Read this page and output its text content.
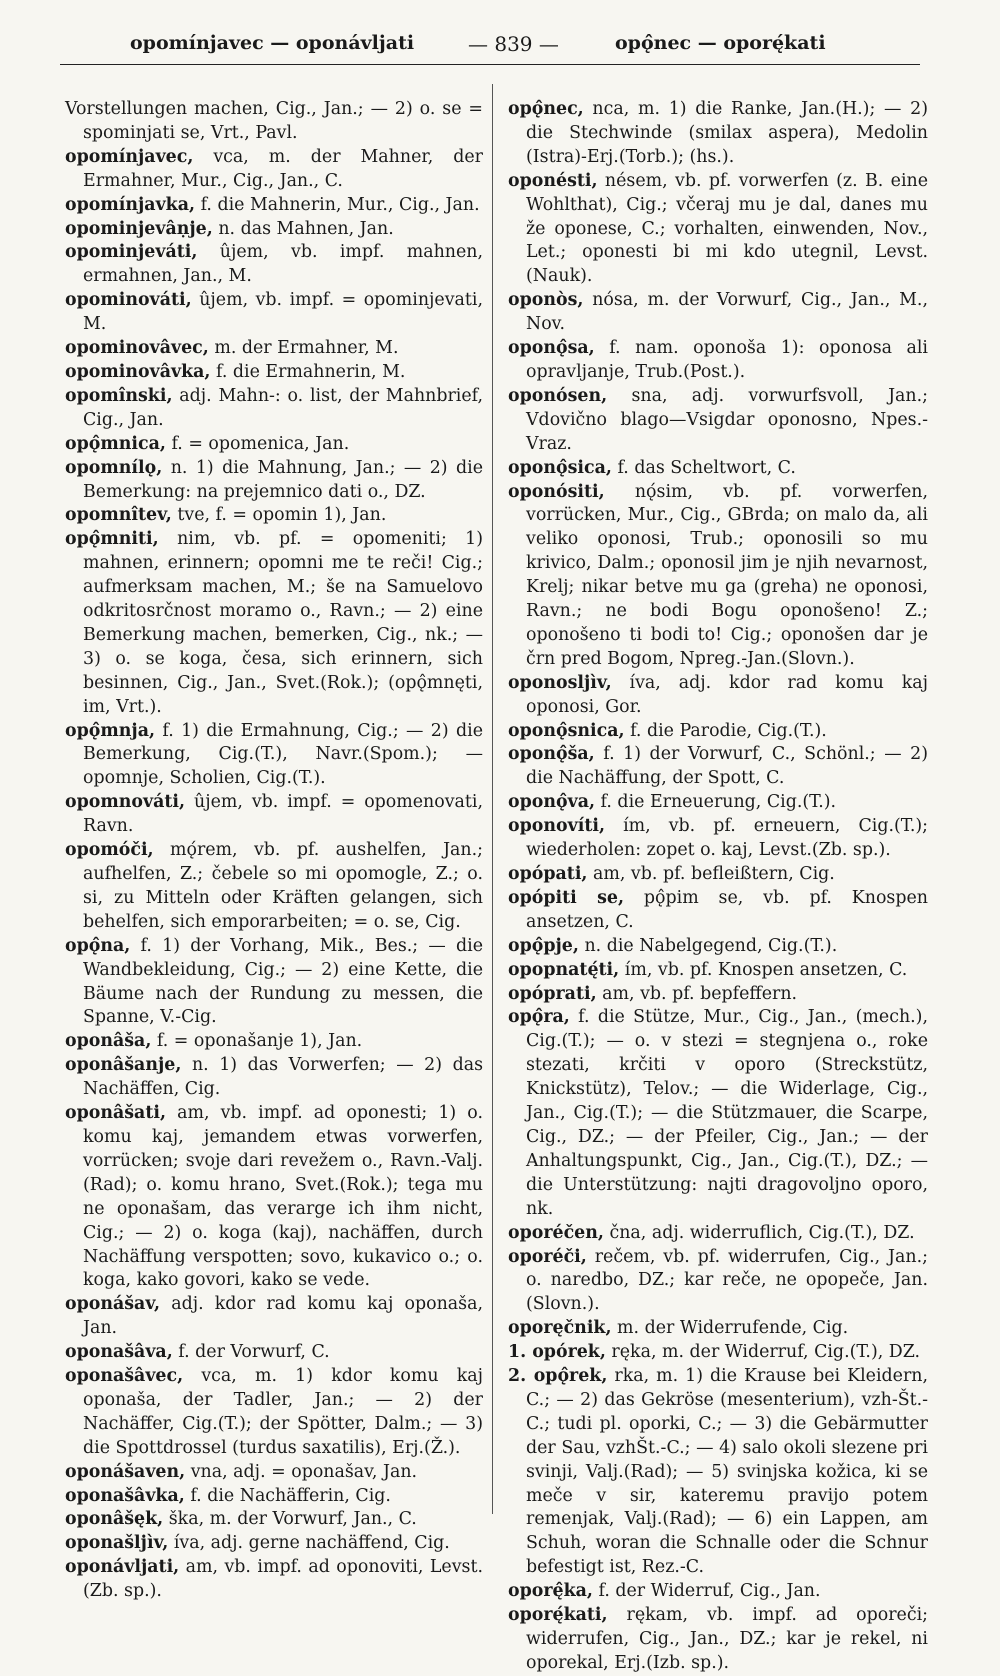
opomínjavec — oponávljati	— 839 —	opǫ̂nec — oporę́kati

Vorstellungen machen, Cig., Jan.; — 2) o. se = spominjati se, Vrt., Pavl.

opomínjavec, vca, m. der Mahner, der Ermahner, Mur., Cig., Jan., C.

opomínjavka, f. die Mahnerin, Mur., Cig., Jan.

opominjevâṇje, n. das Mahnen, Jan.

opominjeváti, ûjem, vb. impf. mahnen, ermahnen, Jan., M.

opominováti, ûjem, vb. impf. = opominjevati, M.

opominovâvec, m. der Ermahner, M.

opominovâvka, f. die Ermahnerin, M.

opomînski, adj. Mahn-: o. list, der Mahnbrief, Cig., Jan.

opǫ̂mnica, f. = opomenica, Jan.

opomnílǫ, n. 1) die Mahnung, Jan.; — 2) die Bemerkung: na prejemnico dati o., DZ.

opomnîtev, tve, f. = opomin 1), Jan.

opǫ̂mniti, nim, vb. pf. = opomeniti; 1) mahnen, erinnern; opomni me te reči! Cig.; aufmerksam machen, M.; še na Samuelovo odkritosrčnost moramo o., Ravn.; — 2) eine Bemerkung machen, bemerken, Cig., nk.; — 3) o. se koga, česa, sich erinnern, sich besinnen, Cig., Jan., Svet.(Rok.); (opǫ̂mnęti, im, Vrt.).

opǫ̂mnja, f. 1) die Ermahnung, Cig.; — 2) die Bemerkung, Cig.(T.), Navr.(Spom.); — opomnje, Scholien, Cig.(T.).

opomnováti, ûjem, vb. impf. = opomenovati, Ravn.

opomóči, mǫ́rem, vb. pf. aushelfen, Jan.; aufhelfen, Z.; čebele so mi opomogle, Z.; o. si, zu Mitteln oder Kräften gelangen, sich behelfen, sich emporarbeiten; = o. se, Cig.

opǫ̂na, f. 1) der Vorhang, Mik., Bes.; — die Wandbekleidung, Cig.; — 2) eine Kette, die Bäume nach der Rundung zu messen, die Spanne, V.-Cig.

oponâša, f. = oponašanje 1), Jan.

oponâšanje, n. 1) das Vorwerfen; — 2) das Nachäffen, Cig.

oponâšati, am, vb. impf. ad oponesti; 1) o. komu kaj, jemandem etwas vorwerfen, vorrücken; svoje dari revežem o., Ravn.-Valj.(Rad); o. komu hrano, Svet.(Rok.); tega mu ne oponašam, das verarge ich ihm nicht, Cig.; — 2) o. koga (kaj), nachäffen, durch Nachäffung verspotten; sovo, kukavico o.; o. koga, kako govori, kako se vede.

oponášav, adj. kdor rad komu kaj oponaša, Jan.

oponašâva, f. der Vorwurf, C.

oponašâvec, vca, m. 1) kdor komu kaj oponaša, der Tadler, Jan.; — 2) der Nachäffer, Cig.(T.); der Spötter, Dalm.; — 3) die Spottdrossel (turdus saxatilis), Erj.(Ž.).

oponášaven, vna, adj. = oponašav, Jan.

oponašâvka, f. die Nachäfferin, Cig.

oponâšęk, ška, m. der Vorwurf, Jan., C.

oponašljìv, íva, adj. gerne nachäffend, Cig.

oponávljati, am, vb. impf. ad oponoviti, Levst.(Zb. sp.).

opǫ̂nec, nca, m. 1) die Ranke, Jan.(H.); — 2) die Stechwinde (smilax aspera), Medolin (Istra)-Erj.(Torb.); (hs.).

oponésti, nésem, vb. pf. vorwerfen (z. B. eine Wohlthat), Cig.; včeraj mu je dal, danes mu že oponese, C.; vorhalten, einwenden, Nov., Let.; oponesti bi mi kdo utegnil, Levst.(Nauk).

oponòs, nósa, m. der Vorwurf, Cig., Jan., M., Nov.

oponǫ̂sa, f. nam. oponoša 1): oponosa ali opravljanje, Trub.(Post.).

oponósen, sna, adj. vorwurfsvoll, Jan.; Vdovično blago—Vsigdar oponosno, Npes.-Vraz.

oponǫ̂sica, f. das Scheltwort, C.

oponósiti, nǫ́sim, vb. pf. vorwerfen, vorrücken, Mur., Cig., GBrda; on malo da, ali veliko oponosi, Trub.; oponosili so mu krivico, Dalm.; oponosil jim je njih nevarnost, Krelj; nikar betve mu ga (greha) ne oponosi, Ravn.; ne bodi Bogu oponošeno! Z.; oponošeno ti bodi to! Cig.; oponošen dar je črn pred Bogom, Npreg.-Jan.(Slovn.).

oponosljìv, íva, adj. kdor rad komu kaj oponosi, Gor.

oponǫ̂snica, f. die Parodie, Cig.(T.).

oponǫ̂ša, f. 1) der Vorwurf, C., Schönl.; — 2) die Nachäffung, der Spott, C.

oponǫ̂va, f. die Erneuerung, Cig.(T.).

oponovíti, ím, vb. pf. erneuern, Cig.(T.); wiederholen: zopet o. kaj, Levst.(Zb. sp.).

opópati, am, vb. pf. befleißtern, Cig.

opópiti se, pǫ̂pim se, vb. pf. Knospen ansetzen, C.

opǫ̂pje, n. die Nabelgegend, Cig.(T.).

opopnatę́ti, ím, vb. pf. Knospen ansetzen, C.

opóprati, am, vb. pf. bepfeffern.

opǫ̂ra, f. die Stütze, Mur., Cig., Jan., (mech.), Cig.(T.); — o. v stezi = stegnjena o., roke stezati, krčiti v oporo (Streckstütz, Knickstütz), Telov.; — die Widerlage, Cig., Jan., Cig.(T.); — die Stützmauer, die Scarpe, Cig., DZ.; — der Pfeiler, Cig., Jan.; — der Anhaltungspunkt, Cig., Jan., Cig.(T.), DZ.; — die Unterstützung: najti dragovoljno oporo, nk.

oporéčen, čna, adj. widerruflich, Cig.(T.), DZ.

oporéči, rečem, vb. pf. widerrufen, Cig., Jan.; o. naredbo, DZ.; kar reče, ne opoреče, Jan.(Slovn.).

oporęčnik, m. der Widerrufende, Cig.

1. opórek, ręka, m. der Widerruf, Cig.(T.), DZ.

2. opǫ̂rek, rka, m. 1) die Krause bei Kleidern, C.; — 2) das Gekröse (mesenterium), vzh-Št.-C.; tudi pl. oporki, C.; — 3) die Gebärmutter der Sau, vzhŠt.-C.; — 4) salo okoli slezene pri svinji, Valj.(Rad); — 5) svinjska kožica, ki se meče v sir, kateremu pravijo potem remenjak, Valj.(Rad); — 6) ein Lappen, am Schuh, woran die Schnalle oder die Schnur befestigt ist, Rez.-C.

oporę̂ka, f. der Widerruf, Cig., Jan.

oporę́kati, rękam, vb. impf. ad oporeči; widerrufen, Cig., Jan., DZ.; kar je rekel, ni oporekal, Erj.(Izb. sp.).
